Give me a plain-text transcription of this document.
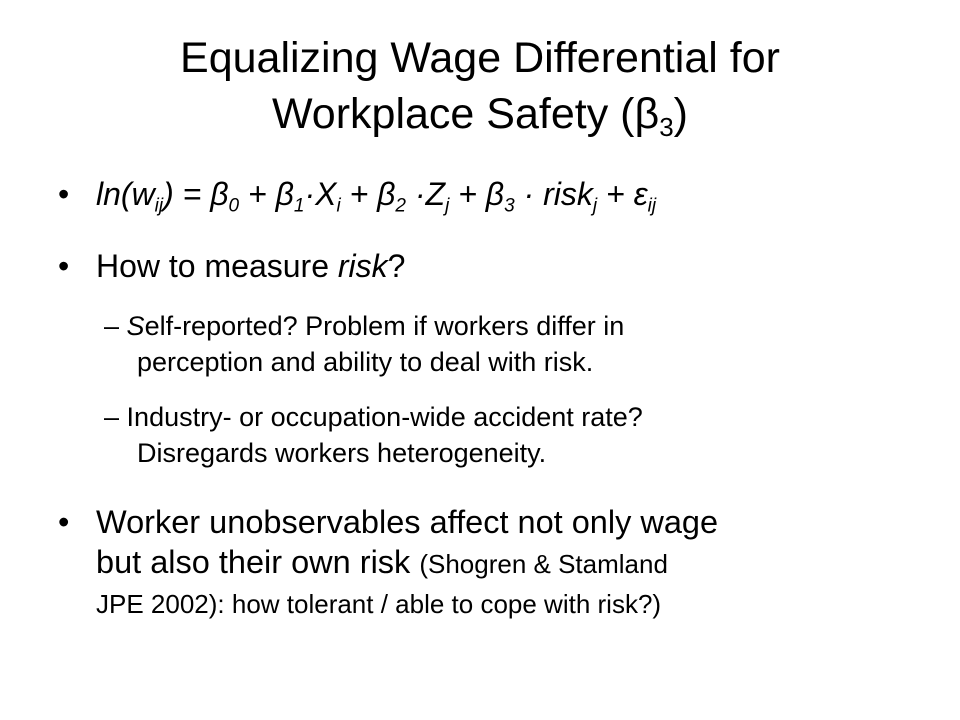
Equalizing Wage Differential for
Workplace Safety $(\beta_3)$
• $\ln(w_{ij}) = \beta_0 + \beta_1\cdot X_i + \beta_2 \cdot Z_j + \beta_3$ · risk$_j$ + $\varepsilon_{ij}$
• How to measure risk?
– Self-reported? Problem if workers differ in
perception and ability to deal with risk.
– Industry- or occupation-wide accident rate?
Disregards workers heterogeneity.
• Worker unobservables affect not only wage
but also their own risk (Shogren & Stamland
JPE 2002): how tolerant / able to cope with risk?)
